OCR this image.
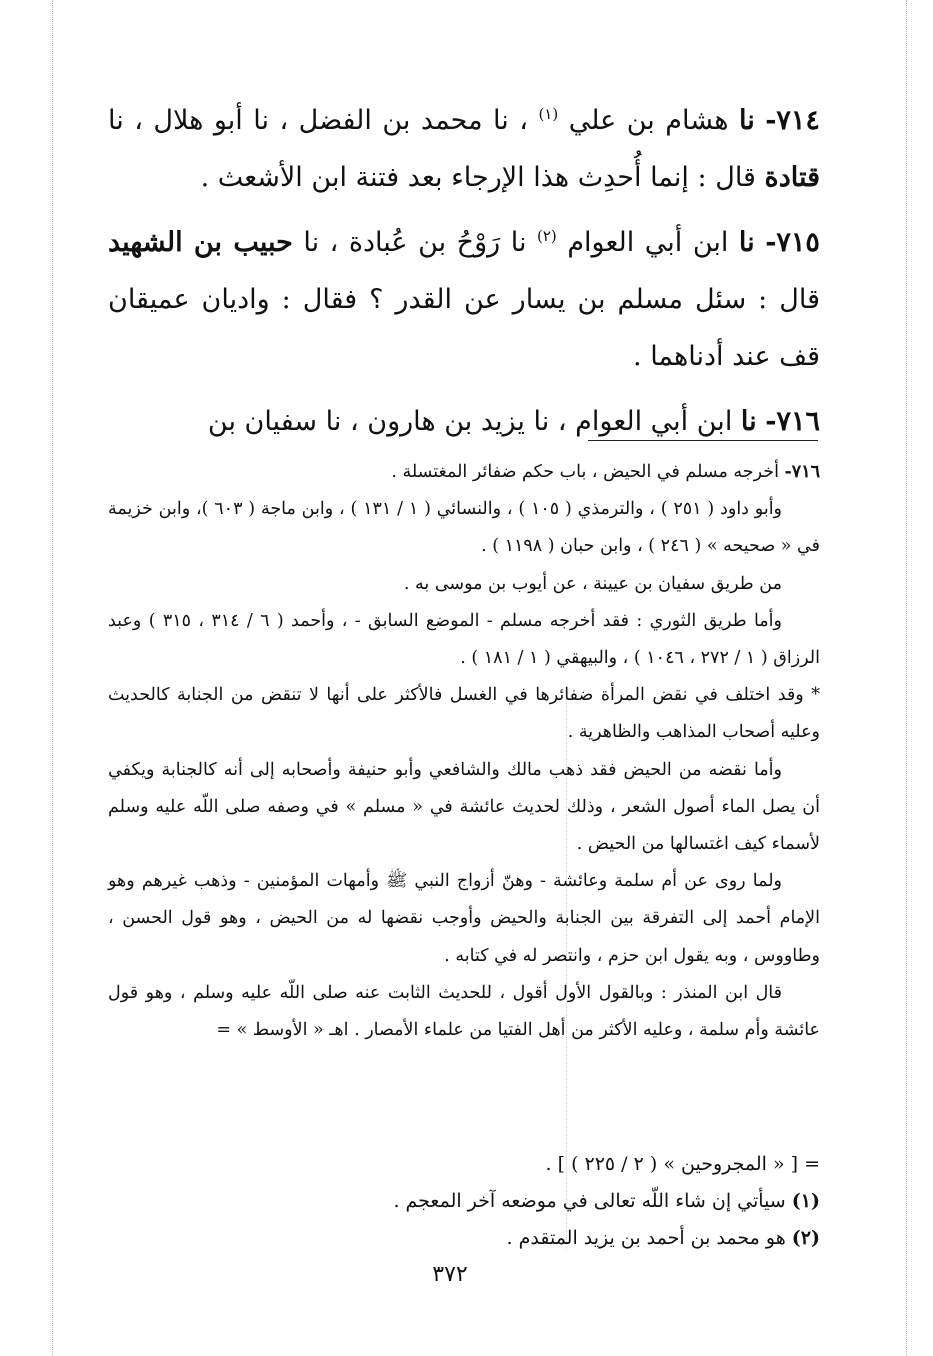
٧١٤- نا هشام بن علي $^{(١)}$ ، نا محمد بن الفضل ، نا أبو هلال ، نا قتادة قال : إنما أُحدِث هذا الإرجاء بعد فتنة ابن الأشعث .

٧١٥- نا ابن أبي العوام $^{(٢)}$ نا رَوْحُ بن عُبادة ، نا حبيب بن الشهيد قال : سئل مسلم بن يسار عن القدر ؟ فقال : واديان عميقان قف عند أدناهما .

٧١٦- نا ابن أبي العوام ، نا يزيد بن هارون ، نا سفيان بن

٧١٦- أخرجه مسلم في الحيض ، باب حكم ضفائر المغتسلة .

وأبو داود ( ٢٥١ ) ، والترمذي ( ١٠٥ ) ، والنسائي ( ١ / ١٣١ ) ، وابن ماجة ( ٦٠٣ )، وابن خزيمة في « صحيحه » ( ٢٤٦ ) ، وابن حبان ( ١١٩٨ ) .

من طريق سفيان بن عيينة ، عن أيوب بن موسى به .

وأما طريق الثوري : فقد أخرجه مسلم - الموضع السابق - ، وأحمد ( ٦ / ٣١٤ ، ٣١٥ ) وعبد الرزاق ( ١ / ٢٧٢ ، ١٠٤٦ ) ، والبيهقي ( ١ / ١٨١ ) .

* وقد اختلف في نقض المرأة ضفائرها في الغسل فالأكثر على أنها لا تنقض من الجنابة كالحديث وعليه أصحاب المذاهب والظاهرية .

وأما نقضه من الحيض فقد ذهب مالك والشافعي وأبو حنيفة وأصحابه إلى أنه كالجنابة ويكفي أن يصل الماء أصول الشعر ، وذلك لحديث عائشة في « مسلم » في وصفه صلى اللّه عليه وسلم لأسماء كيف اغتسالها من الحيض .

ولما روى عن أم سلمة وعائشة - وهنّ أزواج النبي ﷺ وأمهات المؤمنين - وذهب غيرهم وهو الإمام أحمد إلى التفرقة بين الجنابة والحيض وأوجب نقضها له من الحيض ، وهو قول الحسن ، وطاووس ، وبه يقول ابن حزم ، وانتصر له في كتابه .

قال ابن المنذر : وبالقول الأول أقول ، للحديث الثابت عنه صلى اللّه عليه وسلم ، وهو قول عائشة وأم سلمة ، وعليه الأكثر من أهل الفتيا من علماء الأمصار . اهـ « الأوسط » =

= [ « المجروحين » ( ٢ / ٢٢٥ ) ] .

(١) سيأتي إن شاء اللّه تعالى في موضعه آخر المعجم .

(٢) هو محمد بن أحمد بن يزيد المتقدم .

٣٧٢
